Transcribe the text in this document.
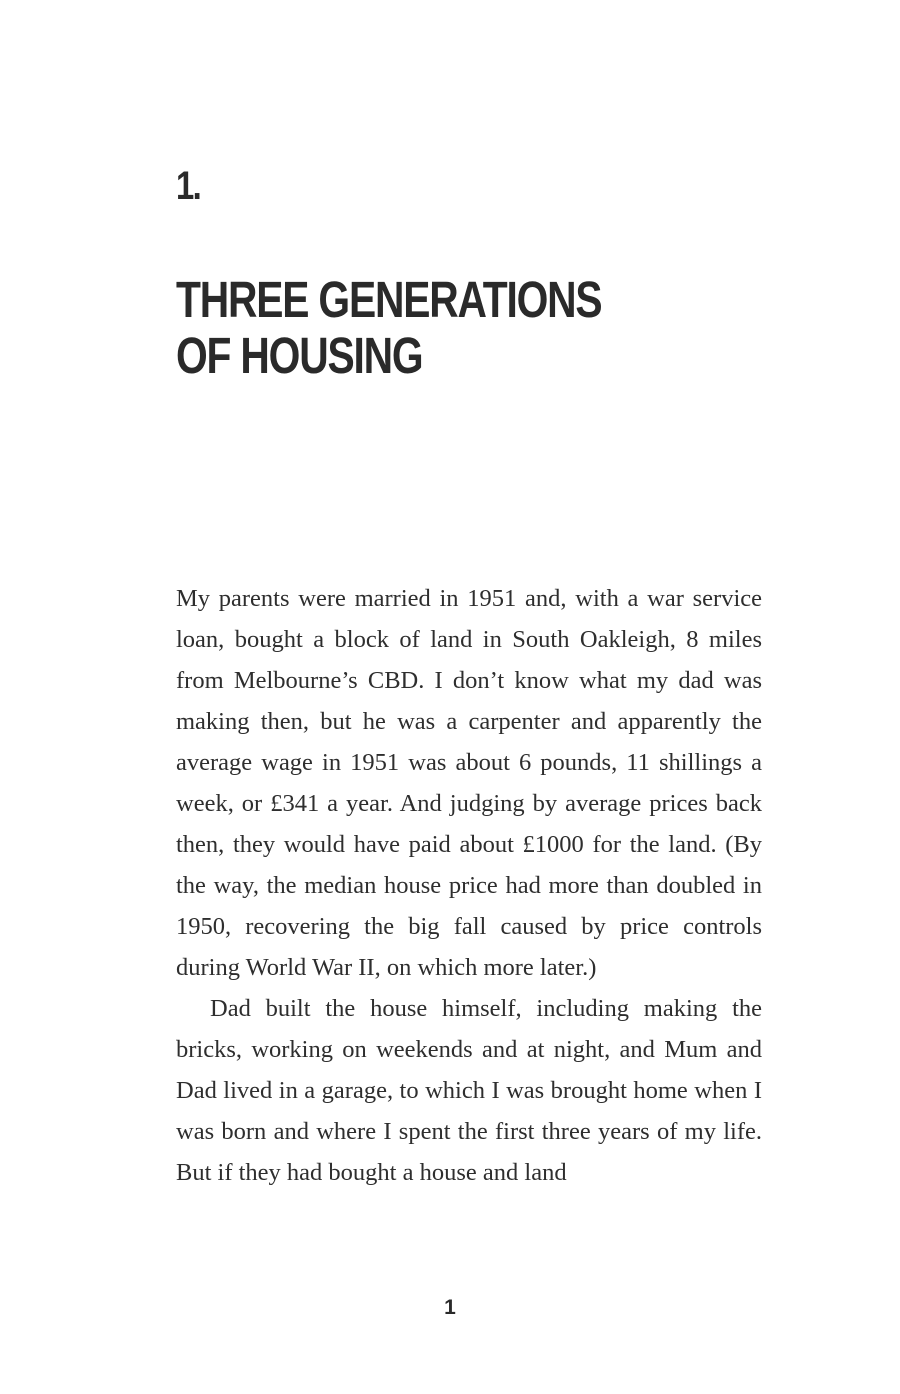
1.
THREE GENERATIONS
OF HOUSING

My parents were married in 1951 and, with a war service loan, bought a block of land in South Oakleigh, 8 miles from Melbourne’s CBD. I don’t know what my dad was making then, but he was a carpenter and apparently the average wage in 1951 was about 6 pounds, 11 shillings a week, or £341 a year. And judging by average prices back then, they would have paid about £1000 for the land. (By the way, the median house price had more than doubled in 1950, recovering the big fall caused by price controls during World War II, on which more later.)

Dad built the house himself, including making the bricks, working on weekends and at night, and Mum and Dad lived in a garage, to which I was brought home when I was born and where I spent the first three years of my life. But if they had bought a house and land

1
